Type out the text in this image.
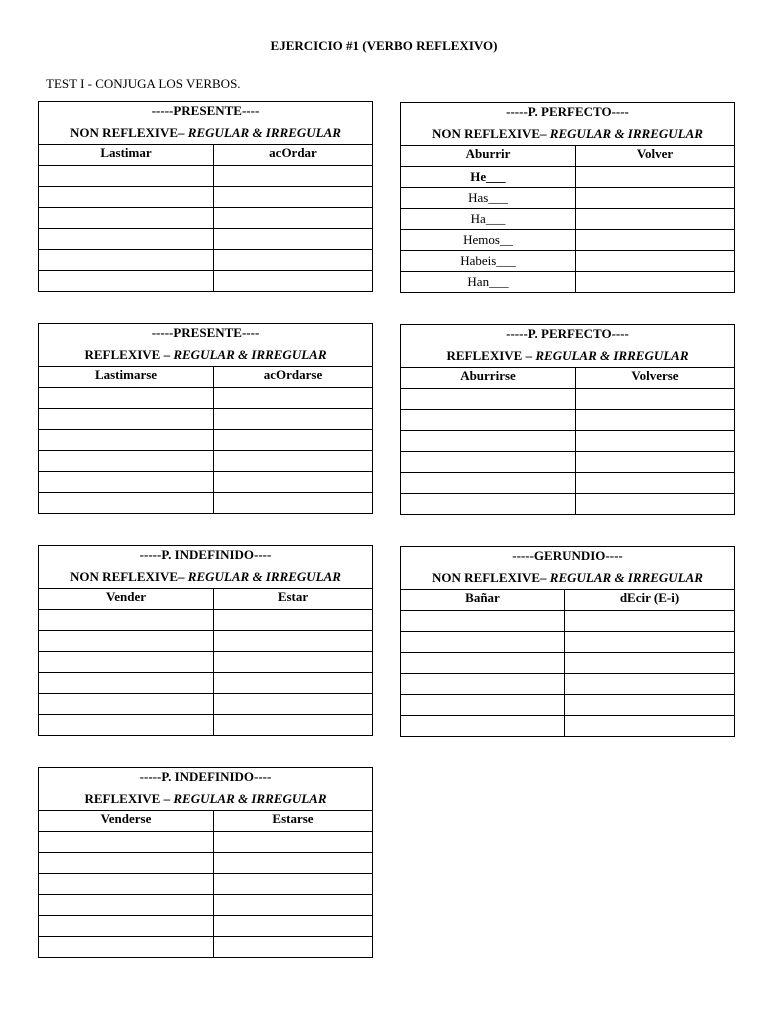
EJERCICIO #1 (VERBO REFLEXIVO)
TEST I - CONJUGA LOS VERBOS.
-----PRESENTE----	
NON REFLEXIVE– REGULAR & IRREGULAR	
Lastimar	acOrdar

-----P. PERFECTO----	
NON REFLEXIVE– REGULAR & IRREGULAR	
Aburrir	Volver
He___	
Has___	
Ha___	
Hemos__	
Habeis___	
Han___	
-----PRESENTE----	
REFLEXIVE – REGULAR & IRREGULAR	
Lastimarse	acOrdarse

-----P. PERFECTO----	
REFLEXIVE – REGULAR & IRREGULAR	
Aburrirse	Volverse

-----P. INDEFINIDO----	
NON REFLEXIVE– REGULAR & IRREGULAR	
Vender	Estar

-----GERUNDIO----	
NON REFLEXIVE– REGULAR & IRREGULAR	
Bañar	dEcir (E-i)

-----P. INDEFINIDO----	
REFLEXIVE – REGULAR & IRREGULAR	
Venderse	Estarse
